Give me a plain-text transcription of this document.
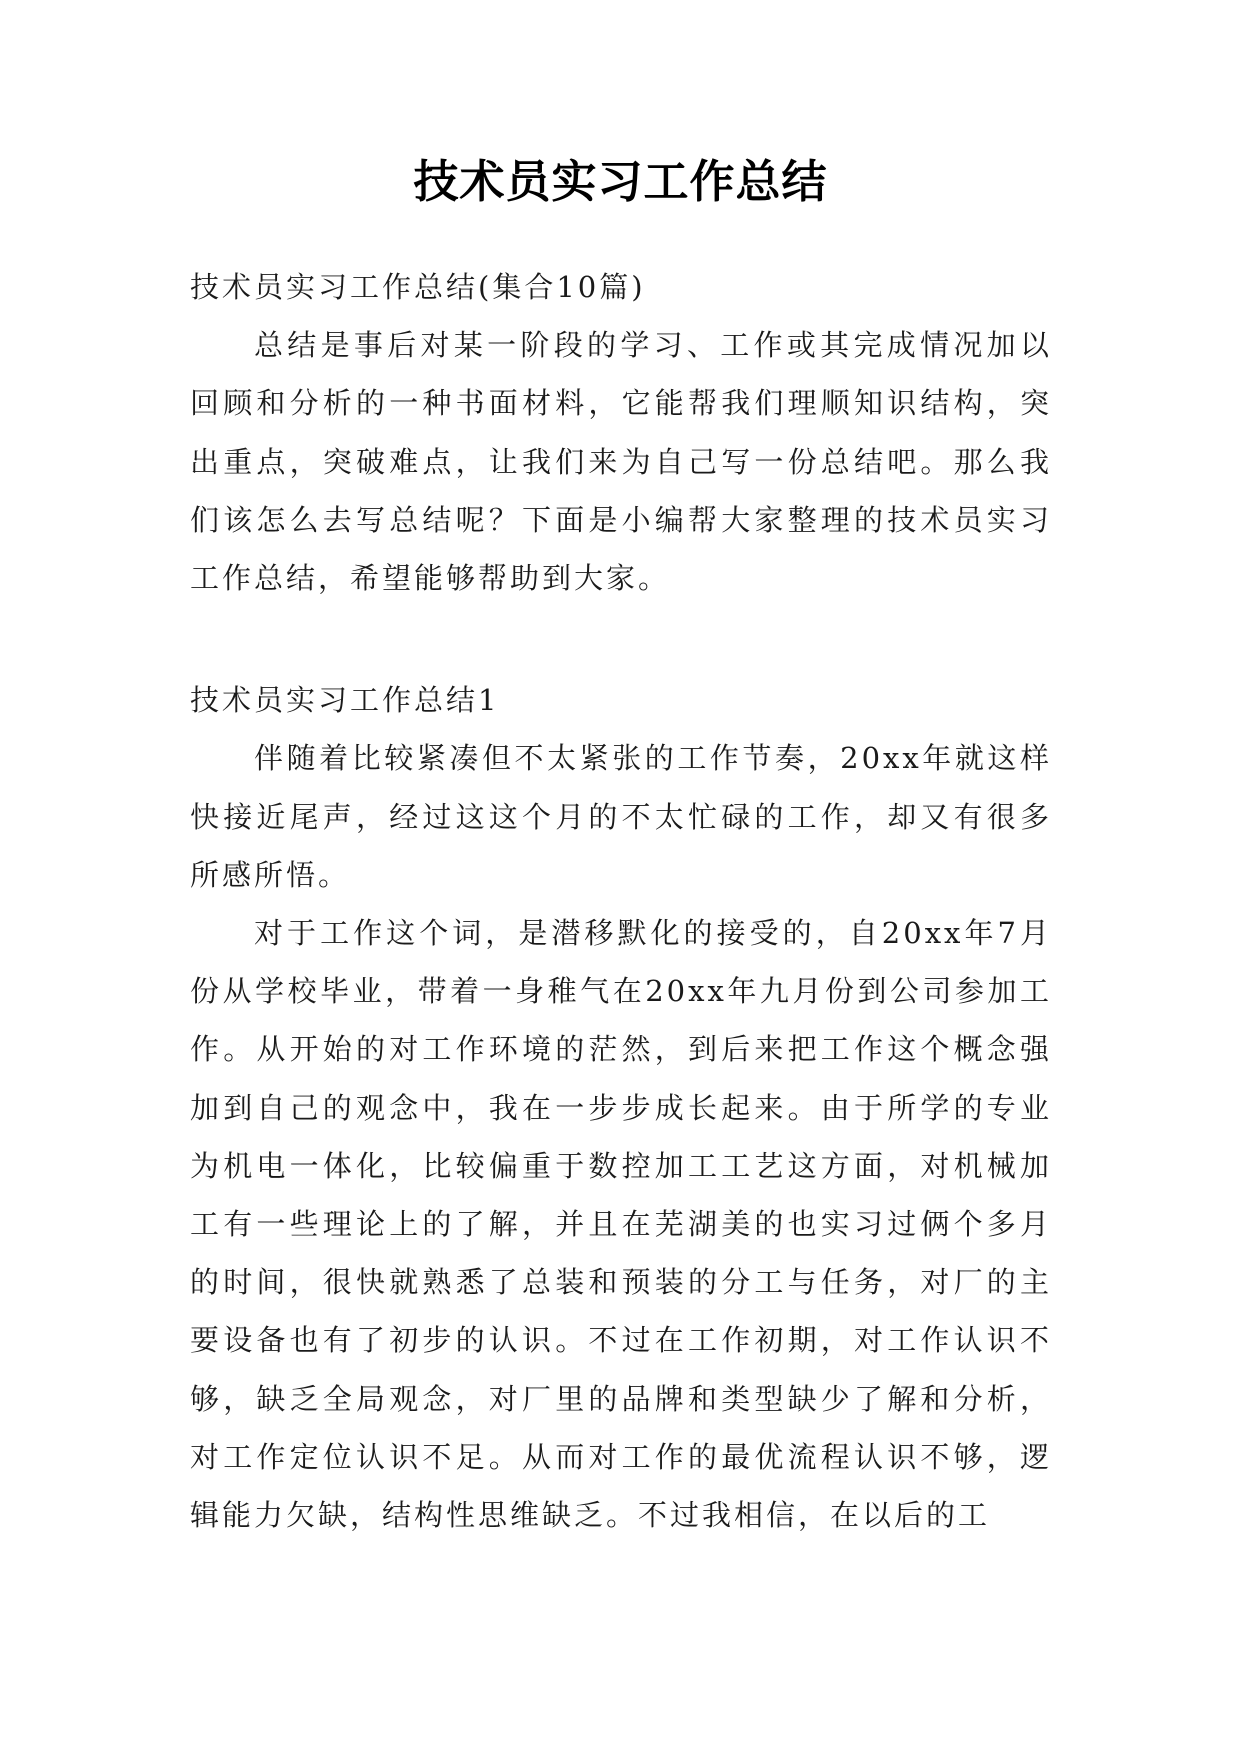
技术员实习工作总结

技术员实习工作总结(集合10篇)

总结是事后对某一阶段的学习、工作或其完成情况加以回顾和分析的一种书面材料，它能帮我们理顺知识结构，突出重点，突破难点，让我们来为自己写一份总结吧。那么我们该怎么去写总结呢？下面是小编帮大家整理的技术员实习工作总结，希望能够帮助到大家。

技术员实习工作总结1

伴随着比较紧凑但不太紧张的工作节奏，20xx年就这样快接近尾声，经过这这个月的不太忙碌的工作，却又有很多所感所悟。

对于工作这个词，是潜移默化的接受的，自20xx年7月份从学校毕业，带着一身稚气在20xx年九月份到公司参加工作。从开始的对工作环境的茫然，到后来把工作这个概念强加到自己的观念中，我在一步步成长起来。由于所学的专业为机电一体化，比较偏重于数控加工工艺这方面，对机械加工有一些理论上的了解，并且在芜湖美的也实习过俩个多月的时间，很快就熟悉了总装和预装的分工与任务，对厂的主要设备也有了初步的认识。不过在工作初期，对工作认识不够，缺乏全局观念，对厂里的品牌和类型缺少了解和分析，对工作定位认识不足。从而对工作的最优流程认识不够，逻辑能力欠缺，结构性思维缺乏。不过我相信，在以后的工
